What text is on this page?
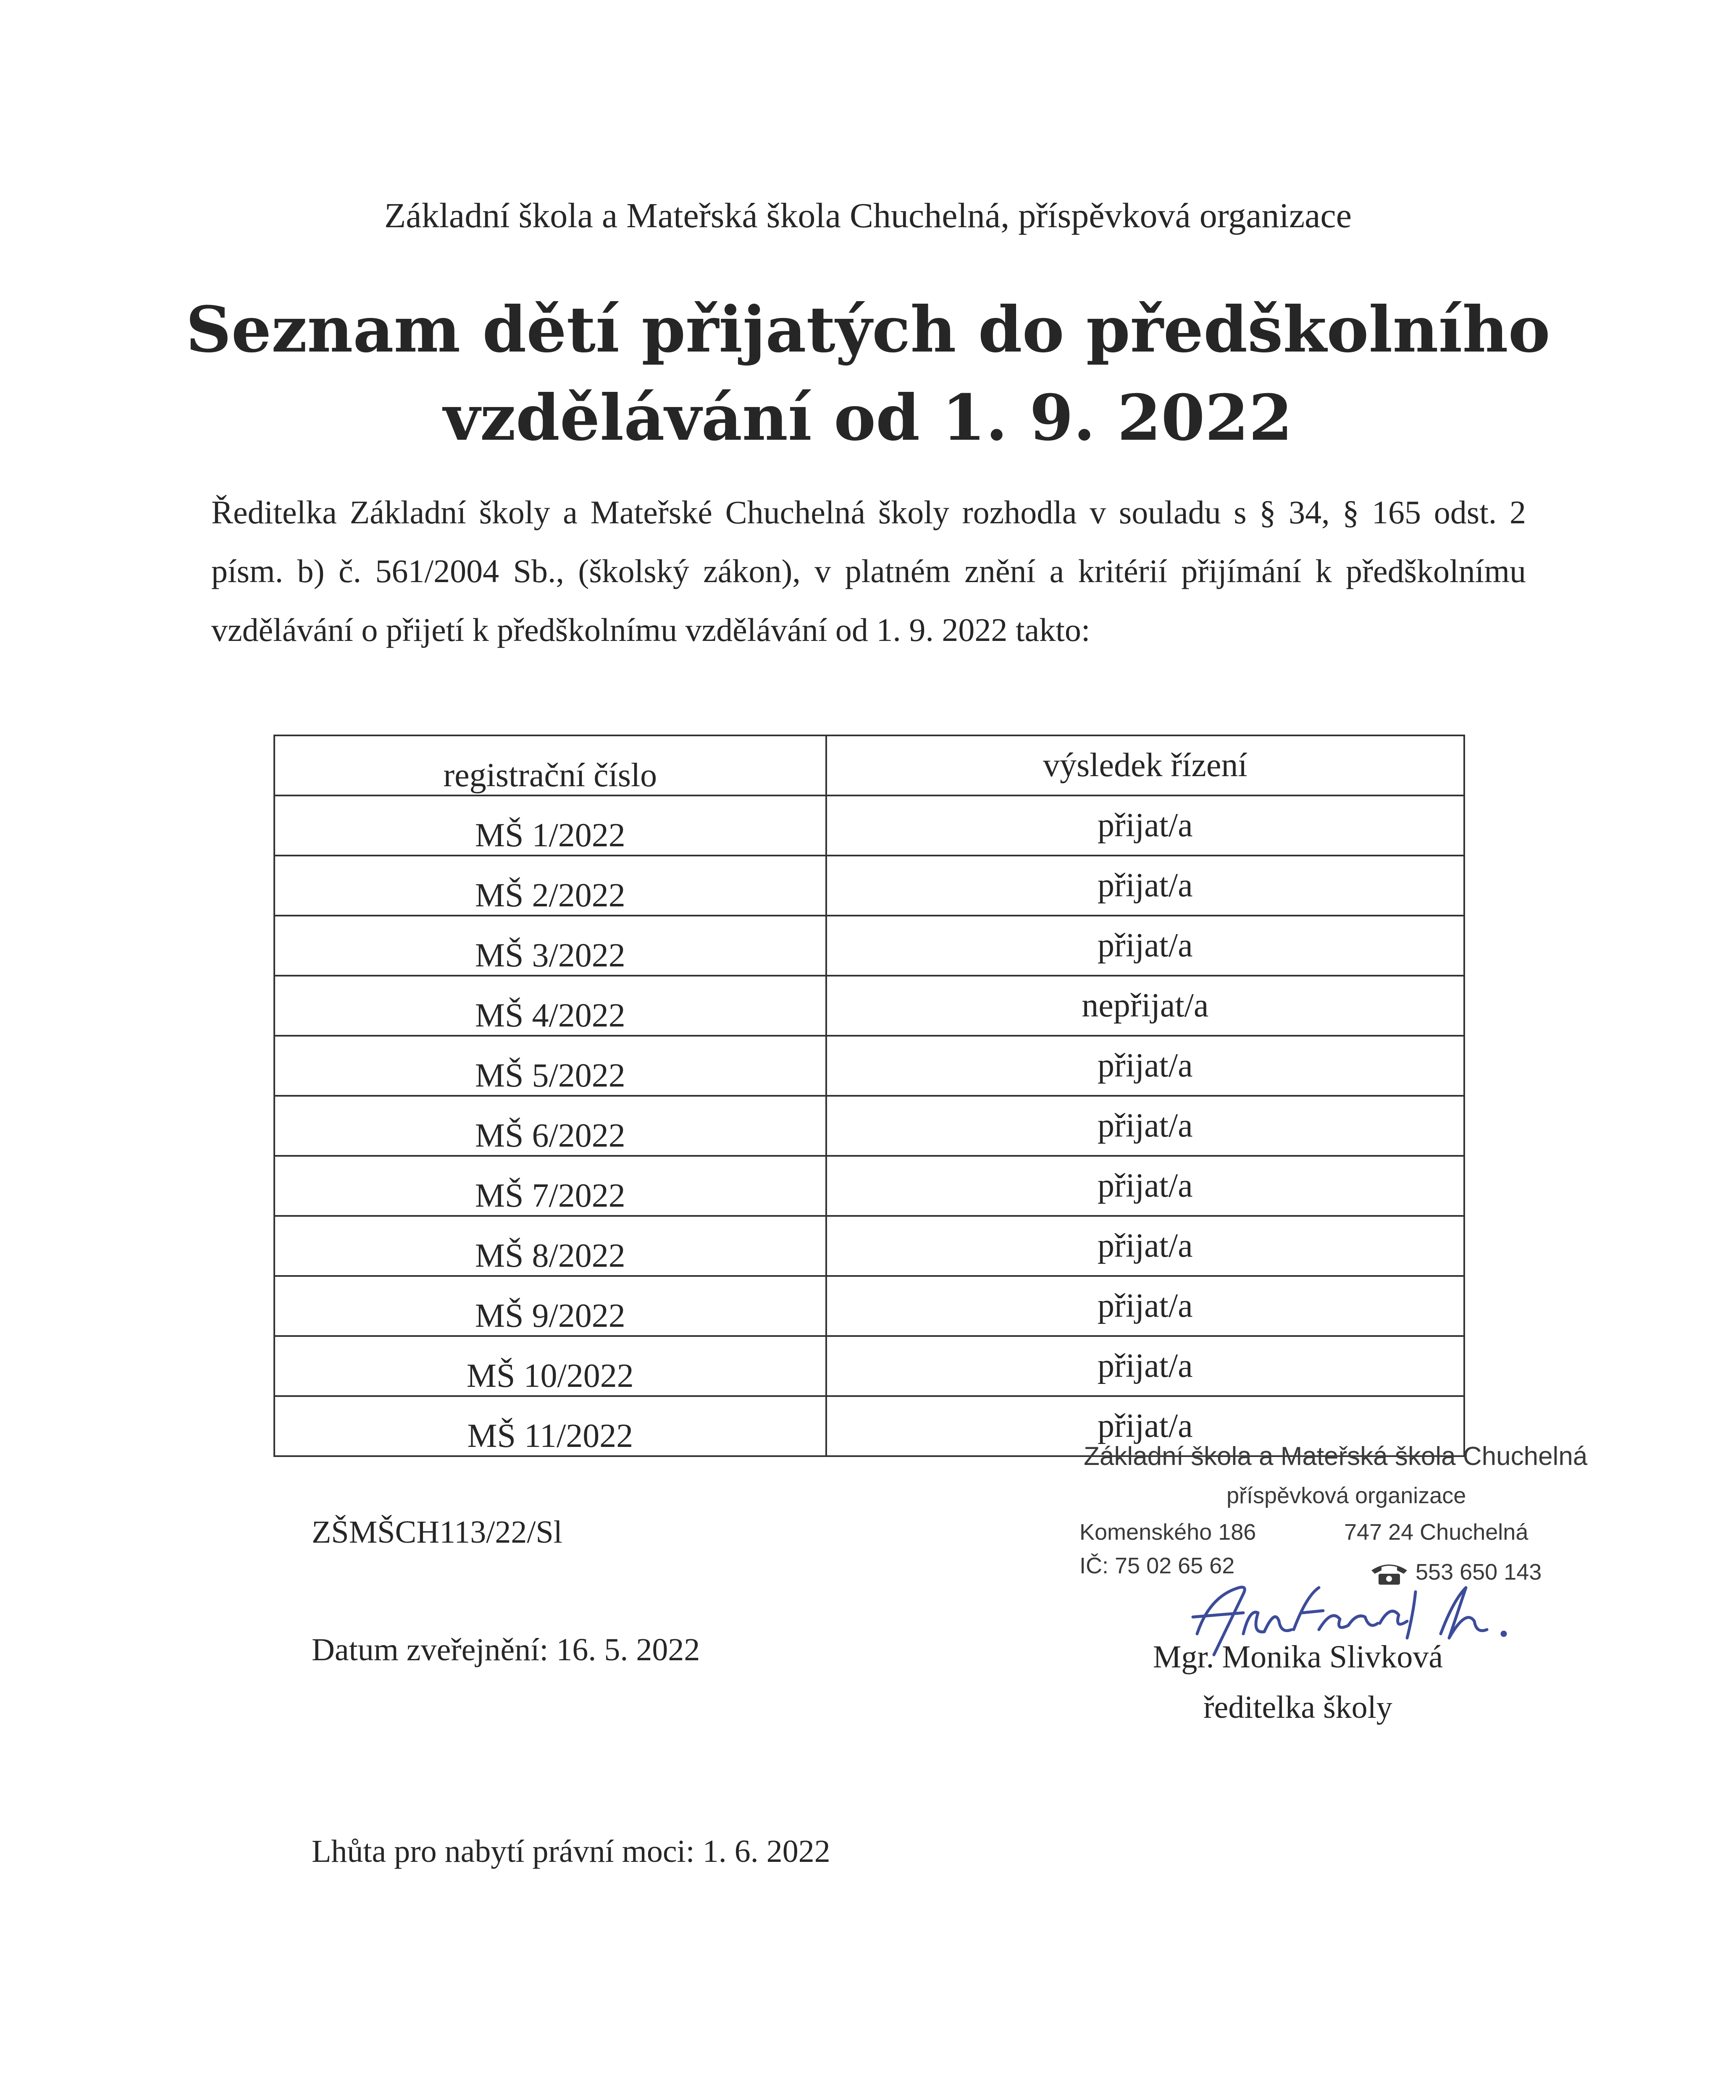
Základní škola a Mateřská škola Chuchelná, příspěvková organizace
Seznam dětí přijatých do předškolního
vzdělávání od 1. 9. 2022
Ředitelka Základní školy a Mateřské Chuchelná školy rozhodla v souladu s § 34, § 165 odst. 2 písm. b) č. 561/2004 Sb., (školský zákon), v platném znění a kritérií přijímání k předškolnímu vzdělávání o přijetí k předškolnímu vzdělávání od 1. 9. 2022 takto:
registrační číslo	výsledek řízení
MŠ 1/2022	přijat/a
MŠ 2/2022	přijat/a
MŠ 3/2022	přijat/a
MŠ 4/2022	nepřijat/a
MŠ 5/2022	přijat/a
MŠ 6/2022	přijat/a
MŠ 7/2022	přijat/a
MŠ 8/2022	přijat/a
MŠ 9/2022	přijat/a
MŠ 10/2022	přijat/a
MŠ 11/2022	přijat/a
ZŠMŠCH113/22/Sl
Datum zveřejnění: 16. 5. 2022
Lhůta pro nabytí právní moci: 1. 6. 2022
Základní škola a Mateřská škola Chuchelná
příspěvková organizace
Komenského 186	747 24 Chuchelná
IČ: 75 02 65 62	553 650 143
Mgr. Monika Slivková
ředitelka školy
